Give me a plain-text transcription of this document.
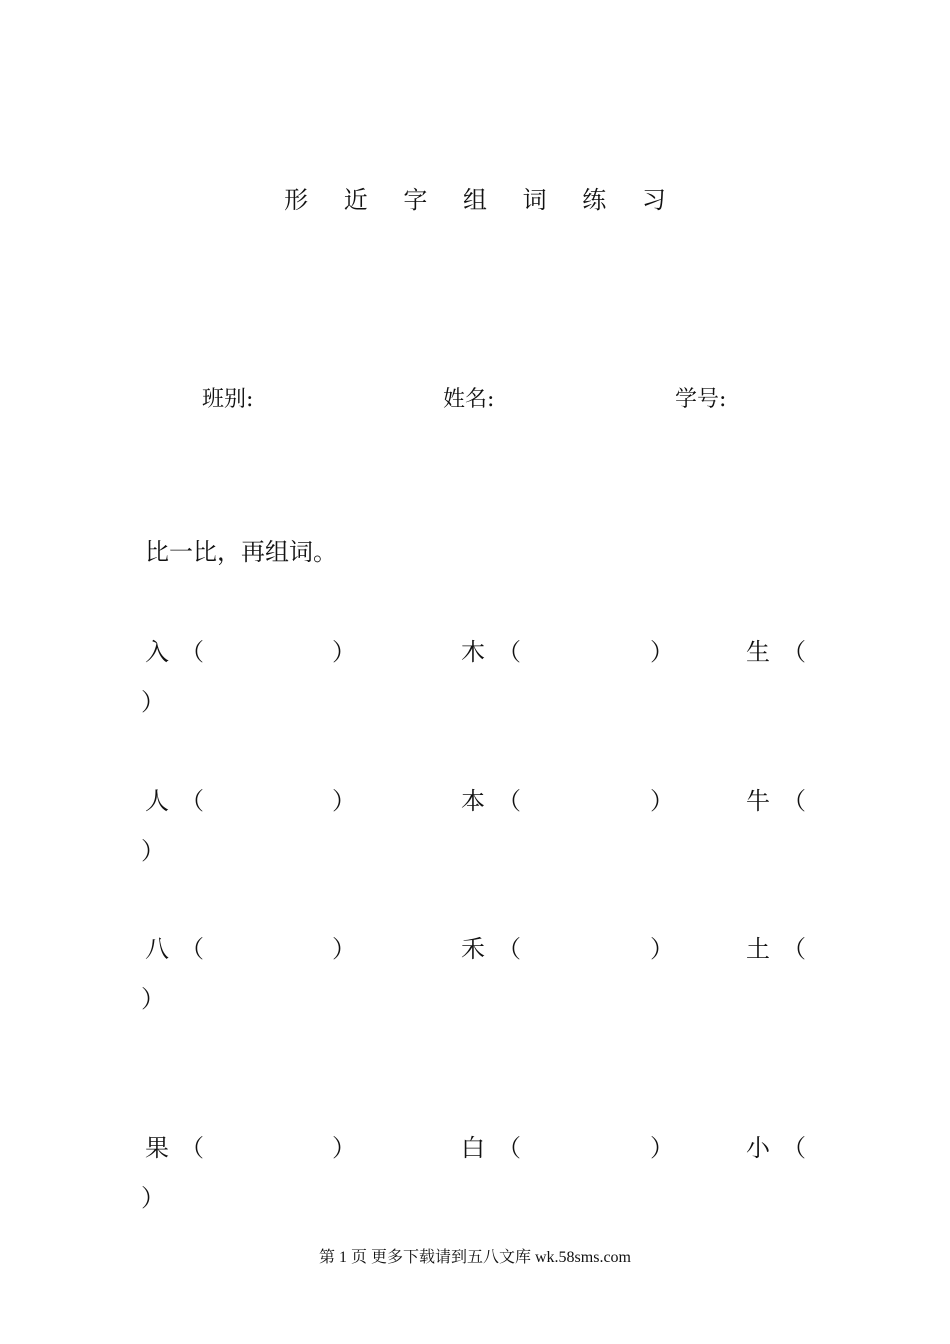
形 近 字 组 词 练 习
班别:	姓名:	学号:
比一比，再组词。
入 （	）	木 （	）	生 （
）
人 （	）	本 （	）	牛 （
）
八 （	）	禾 （	）	土 （
）
果 （	）	白 （	）	小 （
）
第 1 页 更多下载请到五八文库 wk.58sms.com
